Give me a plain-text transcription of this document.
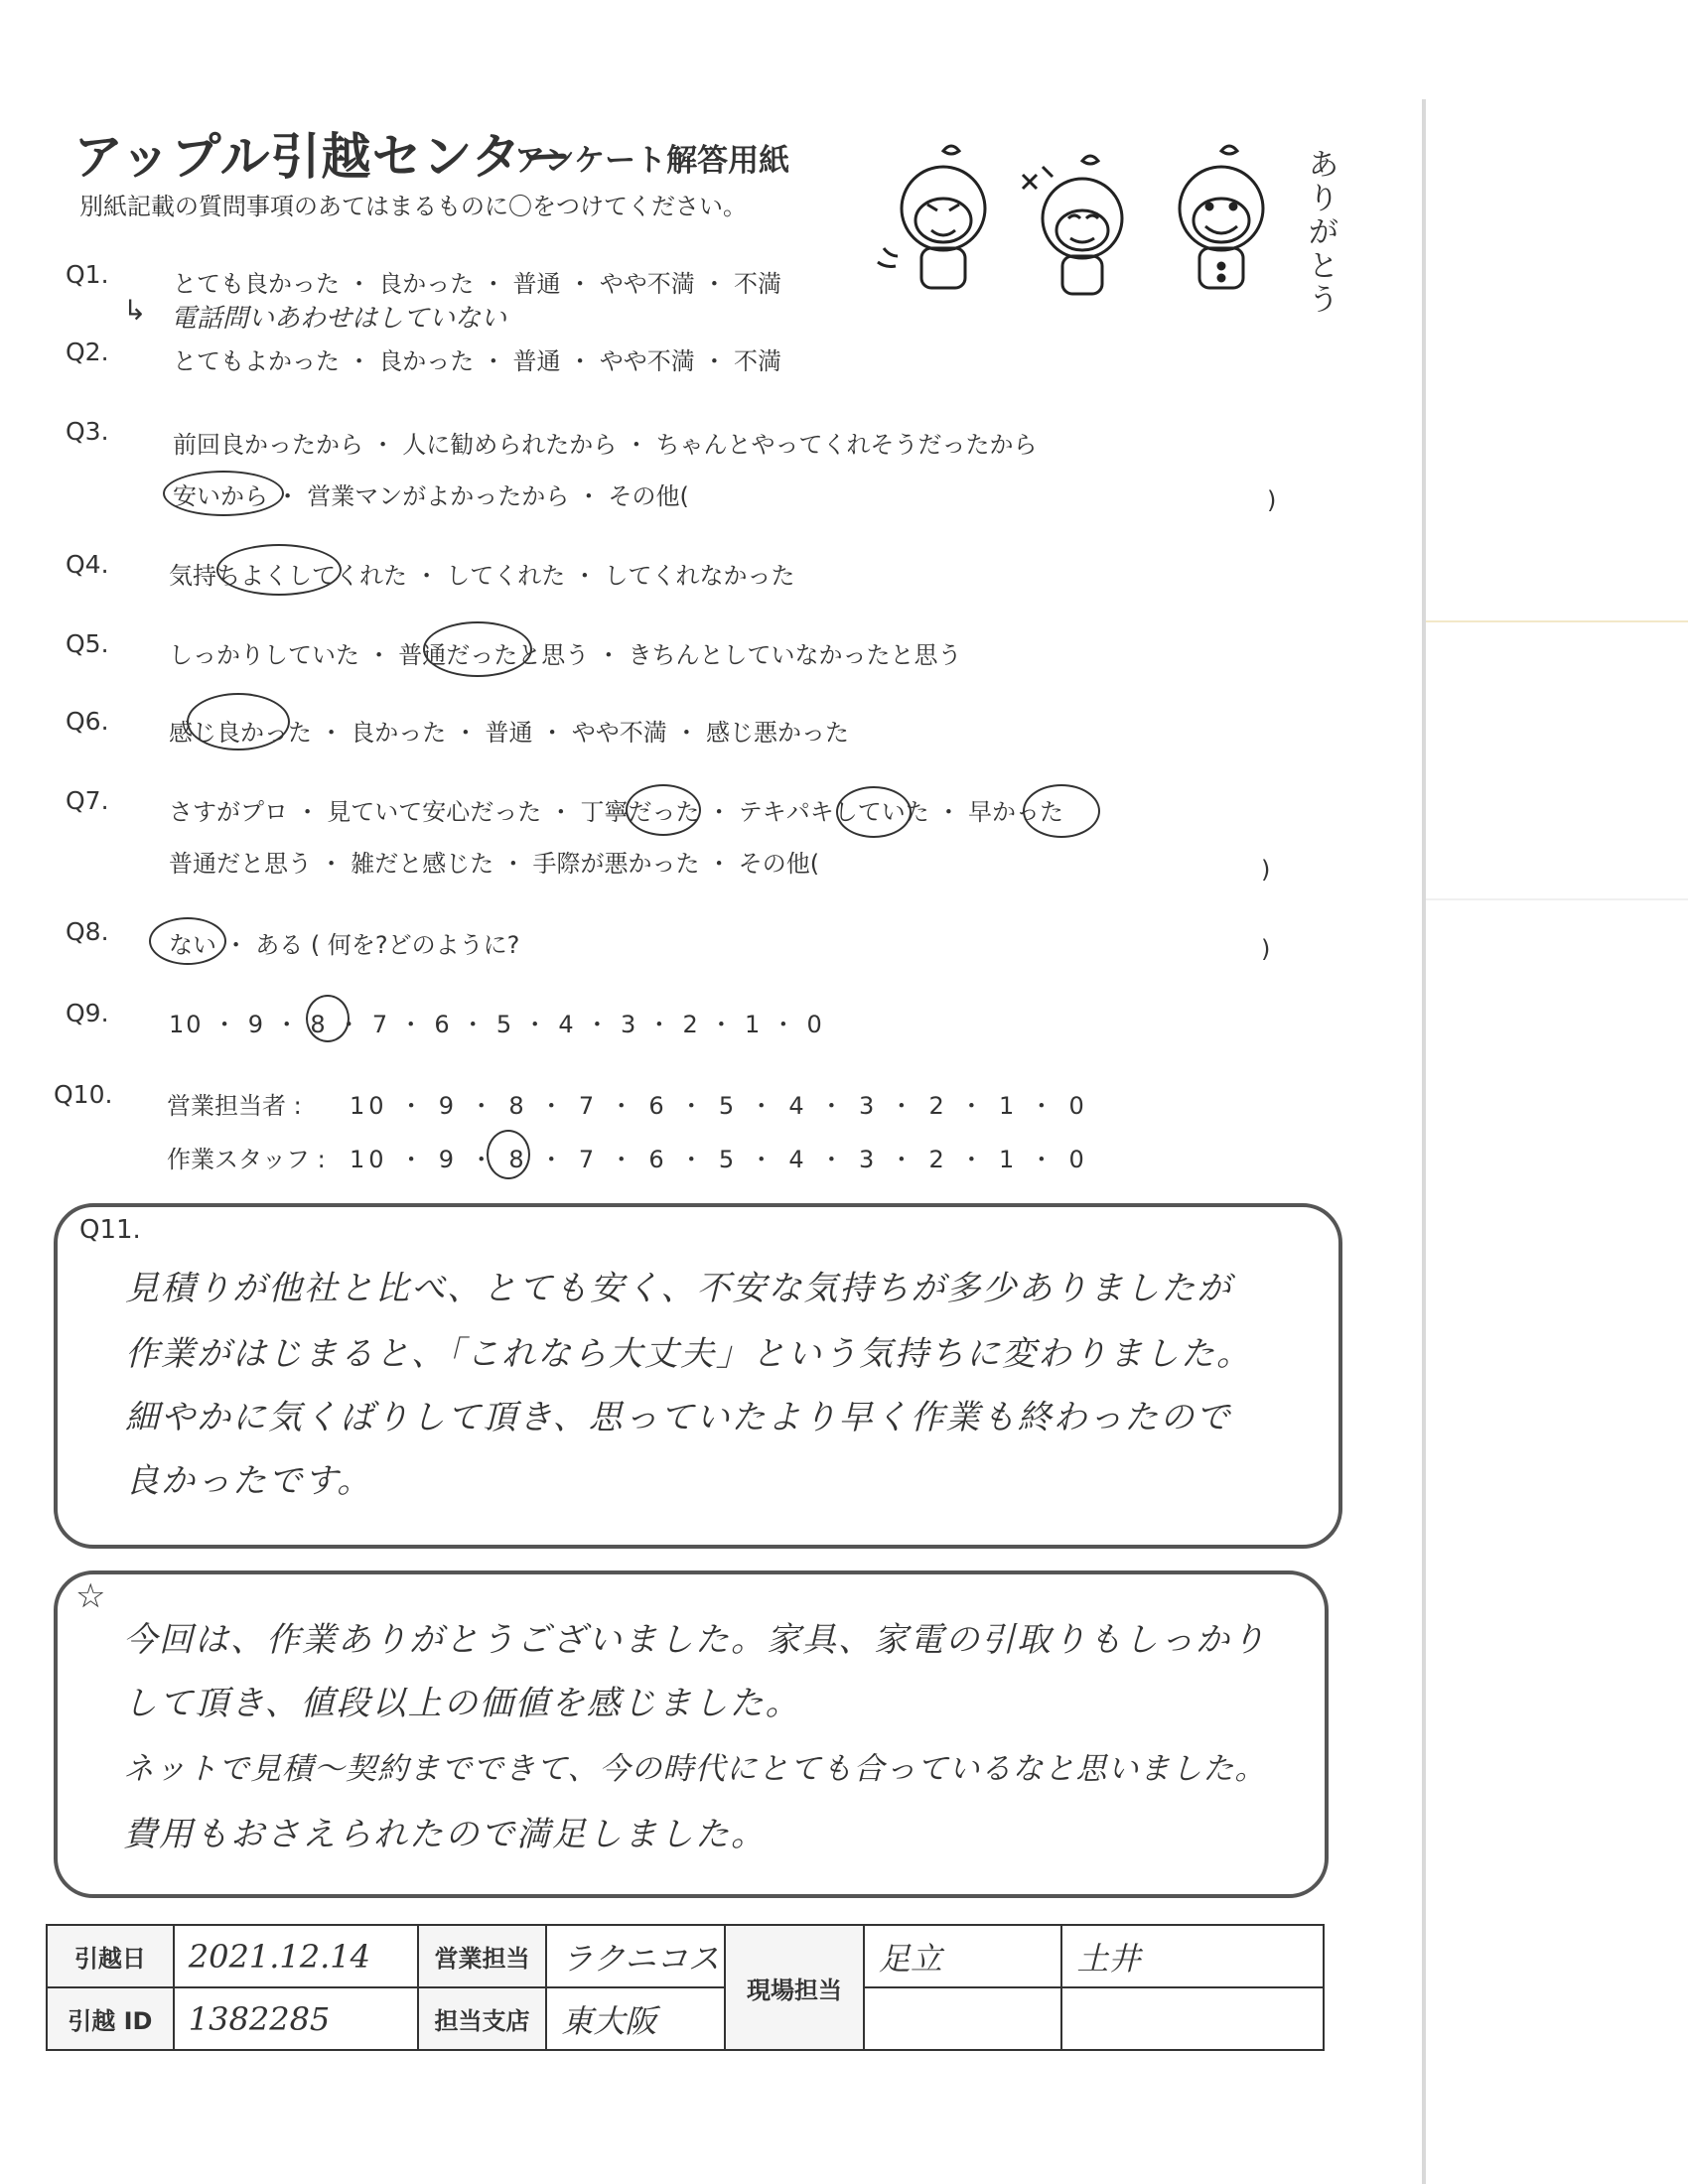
アップル引越センター
アンケート解答用紙
別紙記載の質問事項のあてはまるものに〇をつけてください。
ありがとう
Q1.	とても良かった ・ 良かった ・ 普通 ・ やや不満 ・ 不満
↳ 電話問いあわせはしていない
Q2.	とてもよかった ・ 良かった ・ 普通 ・ やや不満 ・ 不満
Q3.	前回良かったから ・ 人に勧められたから ・ ちゃんとやってくれそうだったから
安いから ・ 営業マンがよかったから ・ その他(	)
Q4.	気持ちよくしてくれた ・ してくれた ・ してくれなかった
Q5.	しっかりしていた ・ 普通だったと思う ・ きちんとしていなかったと思う
Q6.	感じ良かった ・ 良かった ・ 普通 ・ やや不満 ・ 感じ悪かった
Q7.	さすがプロ ・ 見ていて安心だった ・ 丁寧だった ・ テキパキしていた ・ 早かった
普通だと思う ・ 雑だと感じた ・ 手際が悪かった ・ その他(	)
Q8.	ない ・ ある ( 何を?どのように?	)
Q9.	10 ・ 9 ・ 8 ・ 7 ・ 6 ・ 5 ・ 4 ・ 3 ・ 2 ・ 1 ・ 0
Q10. 営業担当者 : 10 ・ 9 ・ 8 ・ 7 ・ 6 ・ 5 ・ 4 ・ 3 ・ 2 ・ 1 ・ 0
作業スタッフ : 10 ・ 9 ・ 8 ・ 7 ・ 6 ・ 5 ・ 4 ・ 3 ・ 2 ・ 1 ・ 0
Q11.
見積りが他社と比べ、とても安く、不安な気持ちが多少ありましたが
作業がはじまると、「これなら大丈夫」という気持ちに変わりました。
細やかに気くばりして頂き、思っていたより早く作業も終わったので
良かったです。
☆
今回は、作業ありがとうございました。家具、家電の引取りもしっかり
して頂き、値段以上の価値を感じました。
ネットで見積～契約までできて、今の時代にとても合っているなと思いました。
費用もおさえられたので満足しました。
引越日	2021.12.14	営業担当	ラクニコス	現場担当	足立	土井
引越 ID	1382285	担当支店	東大阪			
